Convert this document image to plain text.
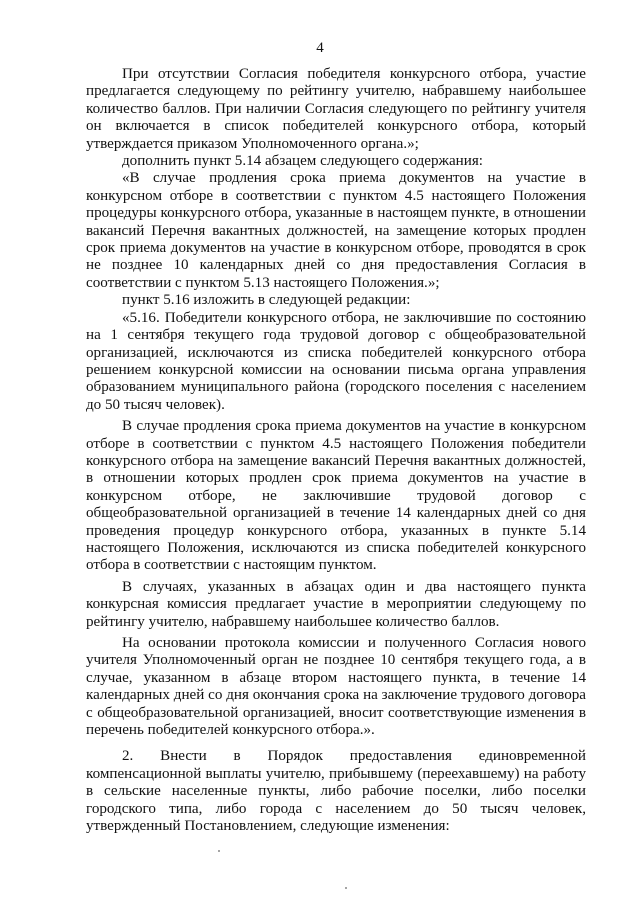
4

При отсутствии Согласия победителя конкурсного отбора, участие предлагается следующему по рейтингу учителю, набравшему наибольшее количество баллов. При наличии Согласия следующего по рейтингу учителя он включается в список победителей конкурсного отбора, который утверждается приказом Уполномоченного органа.»;

дополнить пункт 5.14 абзацем следующего содержания:

«В случае продления срока приема документов на участие в конкурсном отборе в соответствии с пунктом 4.5 настоящего Положения процедуры конкурсного отбора, указанные в настоящем пункте, в отношении вакансий Перечня вакантных должностей, на замещение которых продлен срок приема документов на участие в конкурсном отборе, проводятся в срок не позднее 10 календарных дней со дня предоставления Согласия в соответствии с пунктом 5.13 настоящего Положения.»;

пункт 5.16 изложить в следующей редакции:

«5.16. Победители конкурсного отбора, не заключившие по состоянию на 1 сентября текущего года трудовой договор с общеобразовательной организацией, исключаются из списка победителей конкурсного отбора решением конкурсной комиссии на основании письма органа управления образованием муниципального района (городского поселения с населением до 50 тысяч человек).

В случае продления срока приема документов на участие в конкурсном отборе в соответствии с пунктом 4.5 настоящего Положения победители конкурсного отбора на замещение вакансий Перечня вакантных должностей, в отношении которых продлен срок приема документов на участие в конкурсном отборе, не заключившие трудовой договор с общеобразовательной организацией в течение 14 календарных дней со дня проведения процедур конкурсного отбора, указанных в пункте 5.14 настоящего Положения, исключаются из списка победителей конкурсного отбора в соответствии с настоящим пунктом.

В случаях, указанных в абзацах один и два настоящего пункта конкурсная комиссия предлагает участие в мероприятии следующему по рейтингу учителю, набравшему наибольшее количество баллов.

На основании протокола комиссии и полученного Согласия нового учителя Уполномоченный орган не позднее 10 сентября текущего года, а в случае, указанном в абзаце втором настоящего пункта, в течение 14 календарных дней со дня окончания срока на заключение трудового договора с общеобразовательной организацией, вносит соответствующие изменения в перечень победителей конкурсного отбора.».

2. Внести в Порядок предоставления единовременной компенсационной выплаты учителю, прибывшему (переехавшему) на работу в сельские населенные пункты, либо рабочие поселки, либо поселки городского типа, либо города с населением до 50 тысяч человек, утвержденный Постановлением, следующие изменения:
